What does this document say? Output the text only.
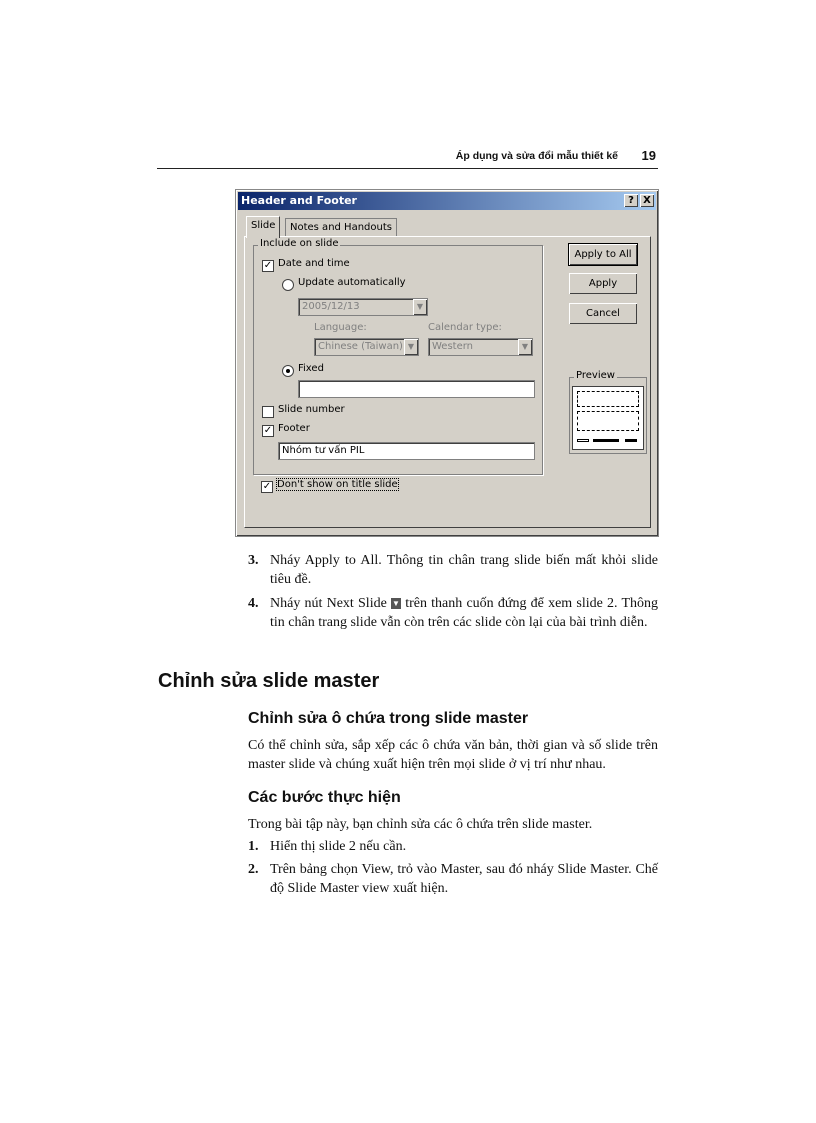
Áp dụng và sửa đổi mẫu thiết kế 19
Header and Footer	? X
Slide	Notes and Handouts
Include on slide
✓ Date and time
Update automatically
2005/12/13	▼
Language:	Calendar type:
Chinese (Taiwan) ▼	Western	▼
Fixed
Slide number
✓ Footer
Nhóm tư vấn PIL
✓ Don't show on title slide
Apply to All
Apply
Cancel
Preview
3. Nháy Apply to All. Thông tin chân trang slide biến mất khỏi slide tiêu đề.
4. Nháy nút Next Slide ▼ trên thanh cuốn đứng để xem slide 2. Thông tin chân trang slide vẫn còn trên các slide còn lại của bài trình diễn.
Chỉnh sửa slide master
Chỉnh sửa ô chứa trong slide master
Có thể chỉnh sửa, sắp xếp các ô chứa văn bản, thời gian và số slide trên master slide và chúng xuất hiện trên mọi slide ở vị trí như nhau.
Các bước thực hiện
Trong bài tập này, bạn chỉnh sửa các ô chứa trên slide master.
1. Hiển thị slide 2 nếu cần.
2. Trên bảng chọn View, trỏ vào Master, sau đó nháy Slide Master. Chế độ Slide Master view xuất hiện.
